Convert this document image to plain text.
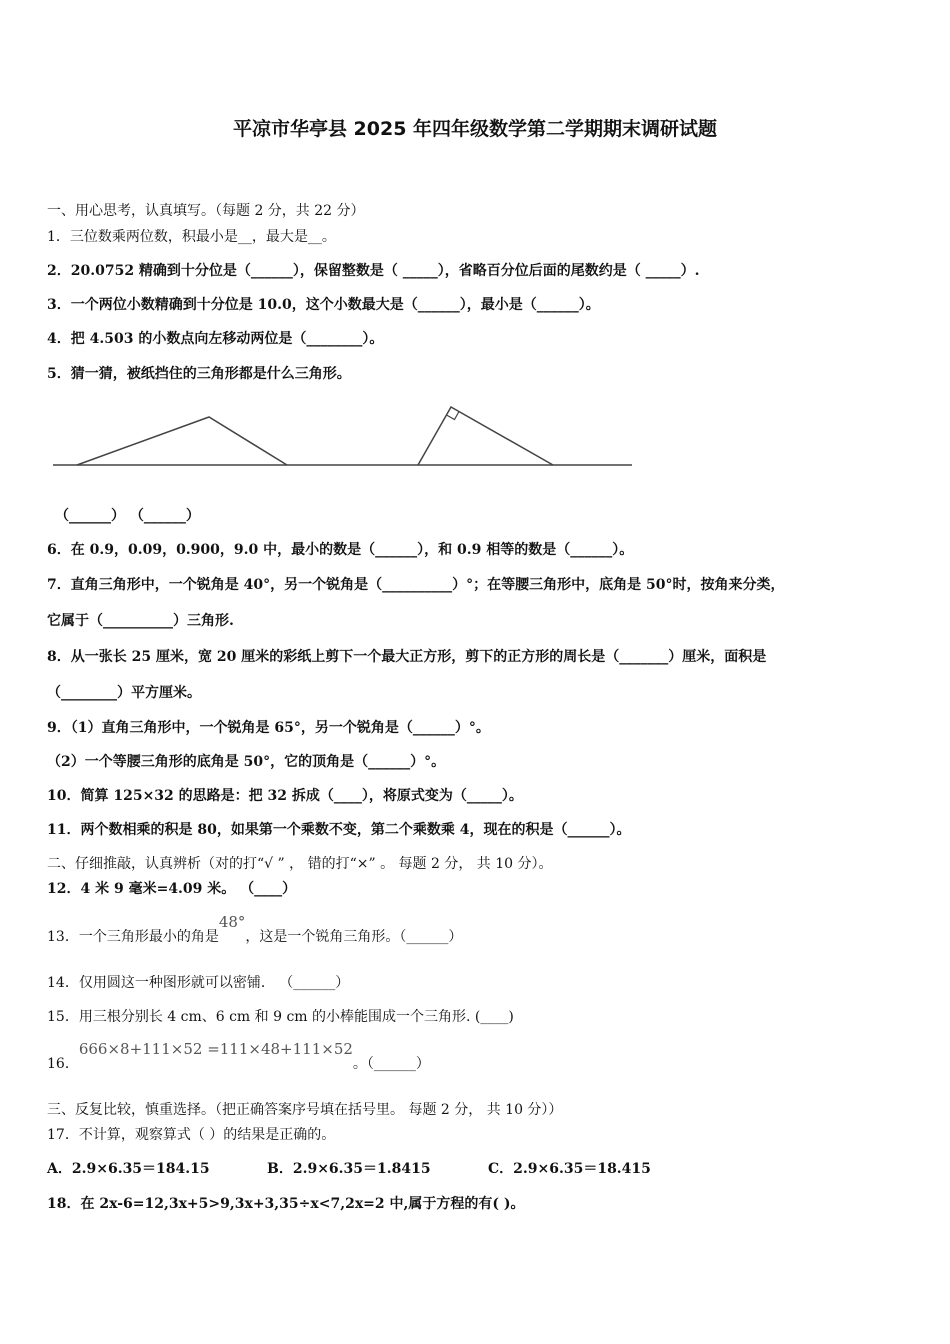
平凉市华亭县 2025 年四年级数学第二学期期末调研试题
一、用心思考，认真填写。（每题 2 分，共 22 分）
1．三位数乘两位数，积最小是__，最大是__。
2．20.0752 精确到十分位是（______），保留整数是（ _____），省略百分位后面的尾数约是（ _____）.
3．一个两位小数精确到十分位是 10.0，这个小数最大是（______），最小是（______）。
4．把 4.503 的小数点向左移动两位是（________）。
5．猜一猜，被纸挡住的三角形都是什么三角形。
（______） （______）
6．在 0.9，0.09，0.900，9.0 中，最小的数是（______），和 0.9 相等的数是（______）。
7．直角三角形中，一个锐角是 40°，另一个锐角是（__________）°；在等腰三角形中，底角是 50°时，按角来分类，
它属于（__________）三角形.
8．从一张长 25 厘米，宽 20 厘米的彩纸上剪下一个最大正方形，剪下的正方形的周长是（_______）厘米，面积是
（________）平方厘米。
9．（1）直角三角形中，一个锐角是 65°，另一个锐角是（______）°。
（2）一个等腰三角形的底角是 50°，它的顶角是（______）°。
10．简算 125×32 的思路是：把 32 拆成（____），将原式变为（_____）。
11．两个数相乘的积是 80，如果第一个乘数不变，第二个乘数乘 4，现在的积是（______）。
二、仔细推敲，认真辨析（对的打“√ ” ， 错的打“×” 。 每题 2 分， 共 10 分）。
12．4 米 9 毫米=4.09 米。 （____）
13．一个三角形最小的角是48°，这是一个锐角三角形。（______）
14．仅用圆这一种图形就可以密铺． （______）
15．用三根分别长 4 cm、6 cm 和 9 cm 的小棒能围成一个三角形. (____)
16．666×8+111×52 =111×48+111×52。（______）
三、反复比较，慎重选择。（把正确答案序号填在括号里。 每题 2 分， 共 10 分））
17．不计算，观察算式（ ）的结果是正确的。
A．2.9×6.35＝184.15	B．2.9×6.35＝1.8415	C．2.9×6.35＝18.415
18．在 2x-6=12,3x+5>9,3x+3,35÷x<7,2x=2 中,属于方程的有( )。
